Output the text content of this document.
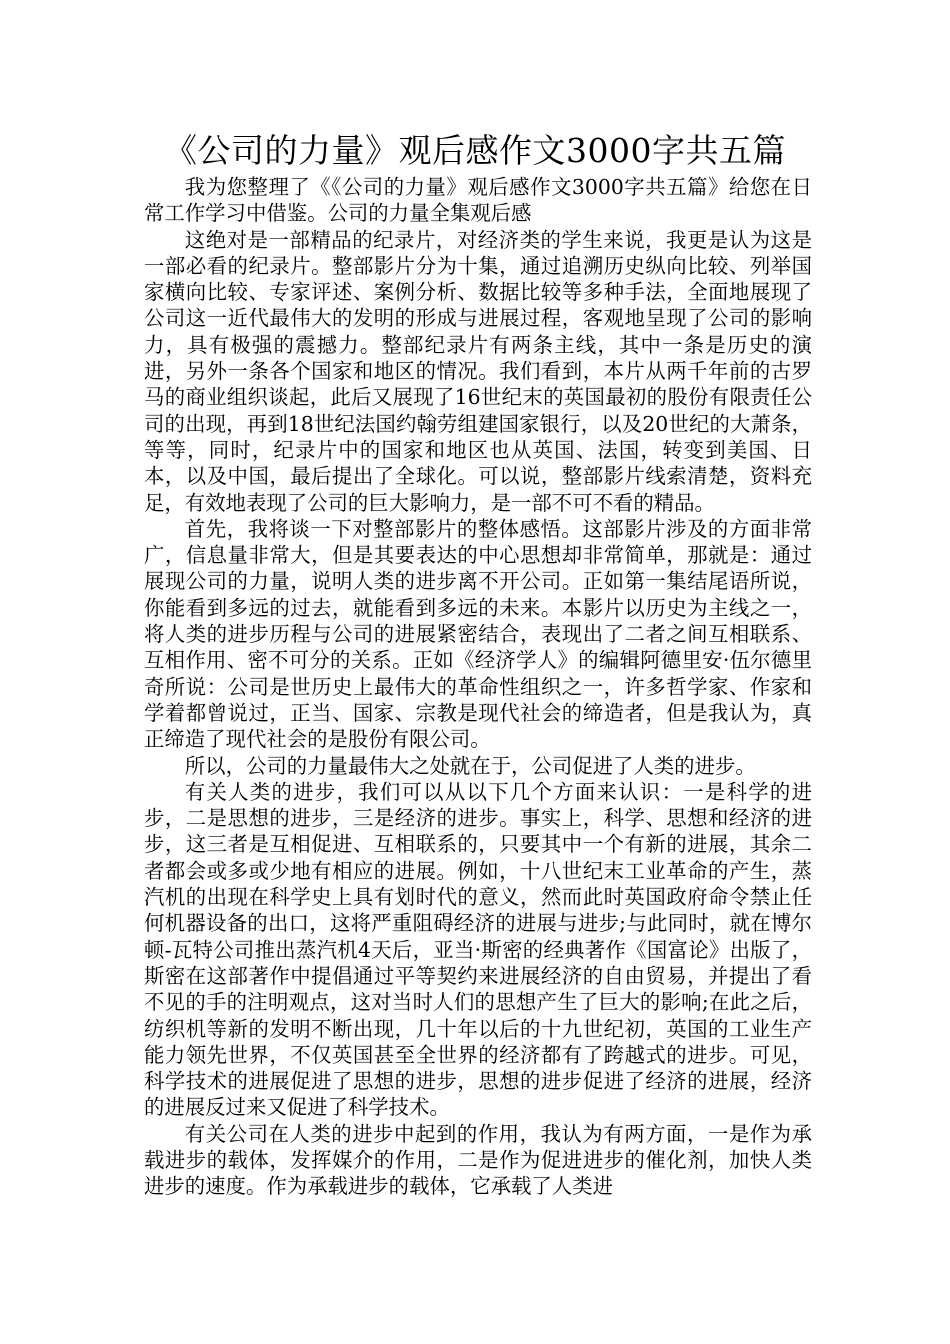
《公司的力量》观后感作文3000字共五篇

我为您整理了《《公司的力量》观后感作文3000字共五篇》给您在日常工作学习中借鉴。公司的力量全集观后感

这绝对是一部精品的纪录片，对经济类的学生来说，我更是认为这是一部必看的纪录片。整部影片分为十集，通过追溯历史纵向比较、列举国家横向比较、专家评述、案例分析、数据比较等多种手法，全面地展现了公司这一近代最伟大的发明的形成与进展过程，客观地呈现了公司的影响力，具有极强的震撼力。整部纪录片有两条主线，其中一条是历史的演进，另外一条各个国家和地区的情况。我们看到，本片从两千年前的古罗马的商业组织谈起，此后又展现了16世纪末的英国最初的股份有限责任公司的出现，再到18世纪法国约翰劳组建国家银行，以及20世纪的大萧条，等等，同时，纪录片中的国家和地区也从英国、法国，转变到美国、日本，以及中国，最后提出了全球化。可以说，整部影片线索清楚，资料充足，有效地表现了公司的巨大影响力，是一部不可不看的精品。

首先，我将谈一下对整部影片的整体感悟。这部影片涉及的方面非常广，信息量非常大，但是其要表达的中心思想却非常简单，那就是：通过展现公司的力量，说明人类的进步离不开公司。正如第一集结尾语所说，你能看到多远的过去，就能看到多远的未来。本影片以历史为主线之一，将人类的进步历程与公司的进展紧密结合，表现出了二者之间互相联系、互相作用、密不可分的关系。正如《经济学人》的编辑阿德里安·伍尔德里奇所说：公司是世历史上最伟大的革命性组织之一，许多哲学家、作家和学着都曾说过，正当、国家、宗教是现代社会的缔造者，但是我认为，真正缔造了现代社会的是股份有限公司。

所以，公司的力量最伟大之处就在于，公司促进了人类的进步。

有关人类的进步，我们可以从以下几个方面来认识：一是科学的进步，二是思想的进步，三是经济的进步。事实上，科学、思想和经济的进步，这三者是互相促进、互相联系的，只要其中一个有新的进展，其余二者都会或多或少地有相应的进展。例如，十八世纪末工业革命的产生，蒸汽机的出现在科学史上具有划时代的意义，然而此时英国政府命令禁止任何机器设备的出口，这将严重阻碍经济的进展与进步;与此同时，就在博尔顿-瓦特公司推出蒸汽机4天后，亚当·斯密的经典著作《国富论》出版了，斯密在这部著作中提倡通过平等契约来进展经济的自由贸易，并提出了看不见的手的注明观点，这对当时人们的思想产生了巨大的影响;在此之后，纺织机等新的发明不断出现，几十年以后的十九世纪初，英国的工业生产能力领先世界，不仅英国甚至全世界的经济都有了跨越式的进步。可见，科学技术的进展促进了思想的进步，思想的进步促进了经济的进展，经济的进展反过来又促进了科学技术。

有关公司在人类的进步中起到的作用，我认为有两方面，一是作为承载进步的载体，发挥媒介的作用，二是作为促进进步的催化剂，加快人类进步的速度。作为承载进步的载体，它承载了人类进
